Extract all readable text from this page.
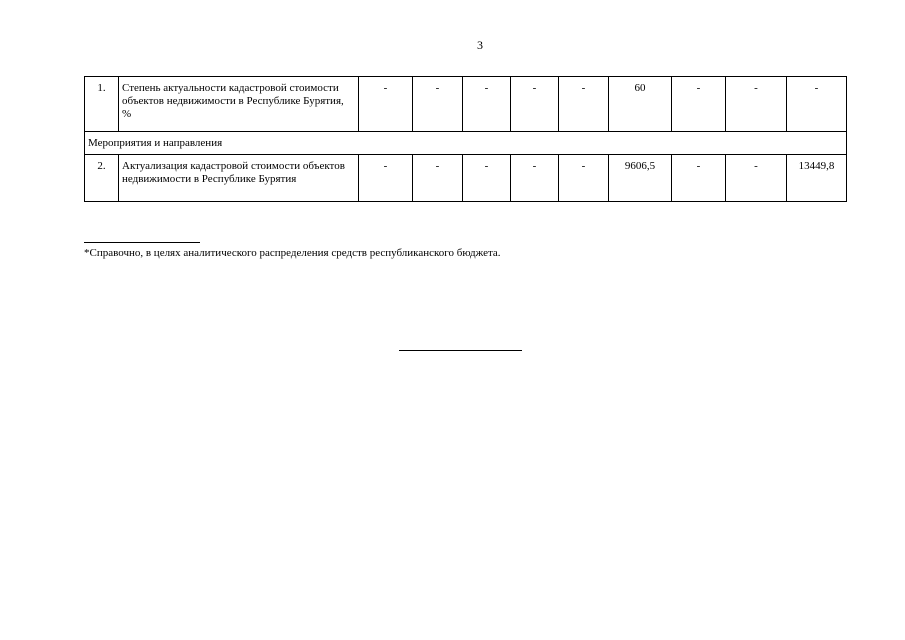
3
1.	Степень актуальности кадастровой стоимости объектов недвижимости в Республике Бурятия, %	-	-	-	-	-	60	-	-	-
Мероприятия и направления										
2.	Актуализация кадастровой стоимости объектов недвижимости в Республике Бурятия	-	-	-	-	-	9606,5	-	-	13449,8
*Справочно, в целях аналитического распределения средств республиканского бюджета.
